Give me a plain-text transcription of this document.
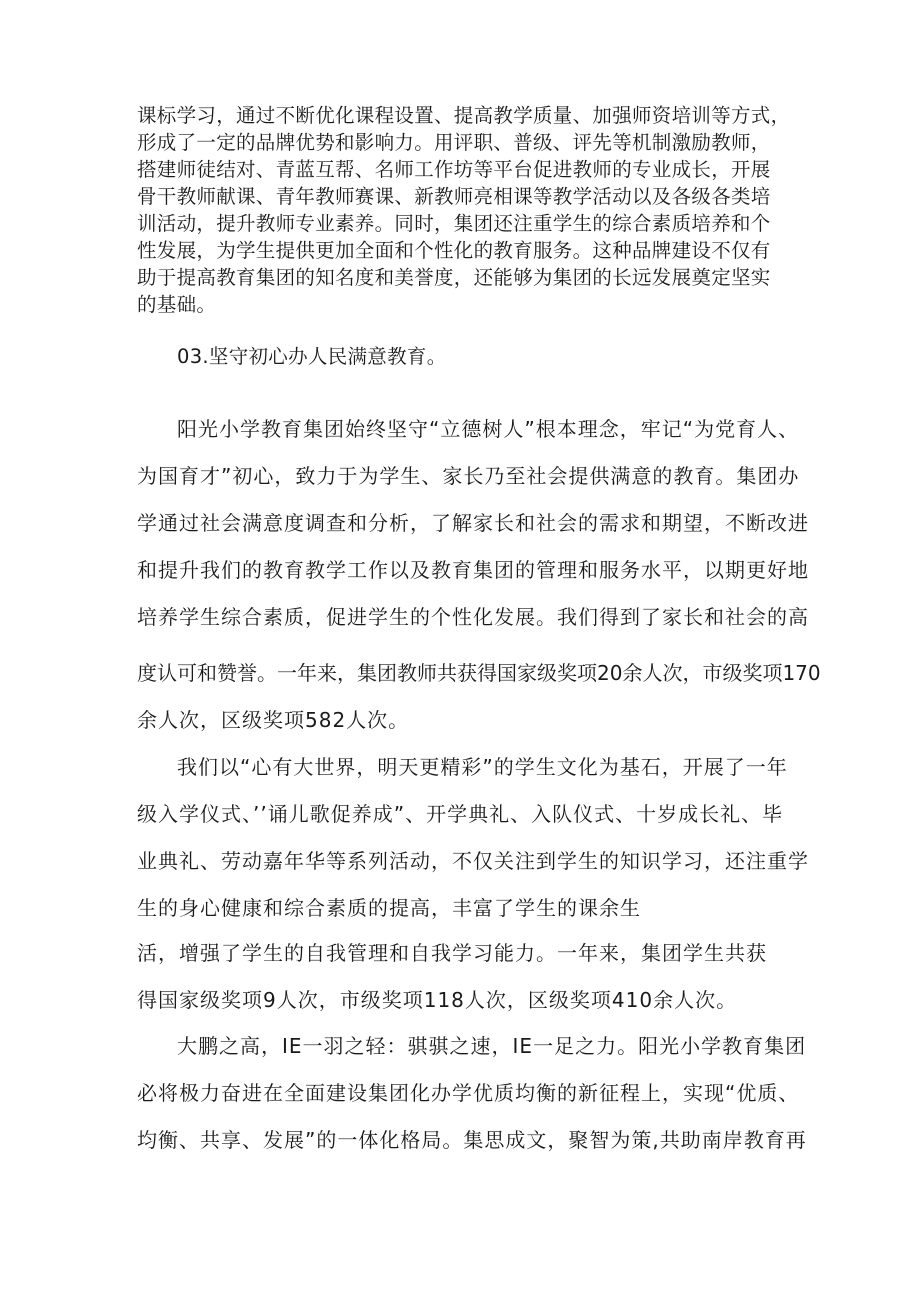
课标学习，通过不断优化课程设置、提高教学质量、加强师资培训等方式，

形成了一定的品牌优势和影响力。用评职、普级、评先等机制激励教师，

搭建师徒结对、青蓝互帮、名师工作坊等平台促进教师的专业成长，开展

骨干教师献课、青年教师赛课、新教师亮相课等教学活动以及各级各类培

训活动，提升教师专业素养。同时，集团还注重学生的综合素质培养和个

性发展，为学生提供更加全面和个性化的教育服务。这种品牌建设不仅有

助于提高教育集团的知名度和美誉度，还能够为集团的长远发展奠定坚实

的基础。

03.坚守初心办人民满意教育。

阳光小学教育集团始终坚守“立德树人”根本理念，牢记“为党育人、

为国育才”初心，致力于为学生、家长乃至社会提供满意的教育。集团办

学通过社会满意度调查和分析，了解家长和社会的需求和期望，不断改进

和提升我们的教育教学工作以及教育集团的管理和服务水平，以期更好地

培养学生综合素质，促进学生的个性化发展。我们得到了家长和社会的高

度认可和赞誉。一年来，集团教师共获得国家级奖项20余人次，市级奖项170

余人次，区级奖项582人次。

我们以“心有大世界，明天更精彩”的学生文化为基石，开展了一年

级入学仪式、’’诵儿歌促养成”、开学典礼、入队仪式、十岁成长礼、毕

业典礼、劳动嘉年华等系列活动，不仅关注到学生的知识学习，还注重学

生的身心健康和综合素质的提高，丰富了学生的课余生

活，增强了学生的自我管理和自我学习能力。一年来，集团学生共获

得国家级奖项9人次，市级奖项118人次，区级奖项410余人次。

大鹏之高，IE一羽之轻：骐骐之速，IE一足之力。阳光小学教育集团

必将极力奋进在全面建设集团化办学优质均衡的新征程上，实现“优质、

均衡、共享、发展”的一体化格局。集思成文，聚智为策,共助南岸教育再
